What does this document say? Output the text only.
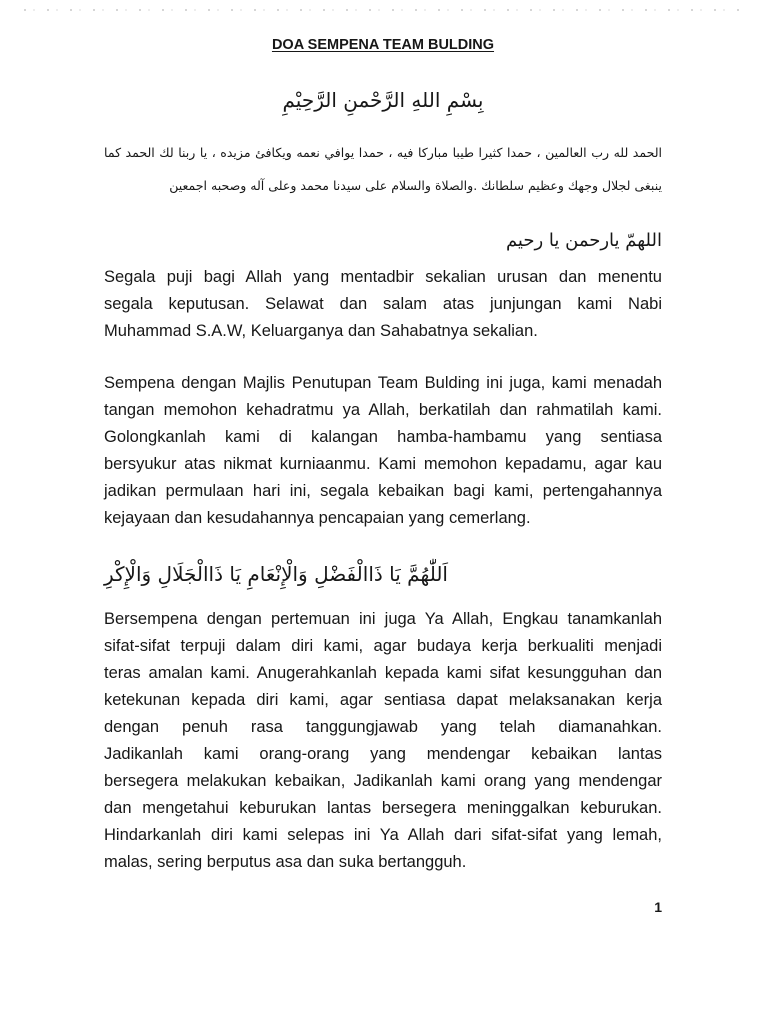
DOA SEMPENA TEAM BULDING
بِسْمِ اللهِ الرَّحْمنِ الرَّحِيْمِ
الحمد لله رب العالمين ، حمدا كثيرا طيبا مباركا فيه ، حمدا يوافي نعمه ويكافئ مزيده ، يا ربنا لك الحمد كما
ينبغى لجلال وجهك وعظيم سلطانك .والصلاة والسلام على سيدنا محمد وعلى آله وصحبه اجمعين
اللهمّ يارحمن يا رحيم
Segala puji bagi Allah yang mentadbir sekalian urusan dan menentu
segala keputusan. Selawat dan salam atas junjungan kami Nabi
Muhammad S.A.W, Keluarganya dan Sahabatnya sekalian.
Sempena dengan Majlis Penutupan Team Bulding ini juga, kami menadah
tangan memohon kehadratmu ya Allah, berkatilah dan rahmatilah kami.
Golongkanlah kami di kalangan hamba-hambamu yang sentiasa
bersyukur atas nikmat kurniaanmu. Kami memohon kepadamu, agar kau
jadikan permulaan hari ini, segala kebaikan bagi kami, pertengahannya
kejayaan dan kesudahannya pencapaian yang cemerlang.
اَللّٰهُمَّ يَا ذَاالْفَضْلِ وَالْإِنْعَامِ يَا ذَاالْجَلَالِ وَالْإِكْرِ
Bersempena dengan pertemuan ini juga Ya Allah, Engkau tanamkanlah
sifat-sifat terpuji dalam diri kami, agar budaya kerja berkualiti menjadi
teras amalan kami. Anugerahkanlah kepada kami sifat kesungguhan dan
ketekunan kepada diri kami, agar sentiasa dapat melaksanakan kerja
dengan penuh rasa tanggungjawab yang telah diamanahkan.
Jadikanlah kami orang-orang yang mendengar kebaikan lantas
bersegera melakukan kebaikan, Jadikanlah kami orang yang mendengar
dan mengetahui keburukan lantas bersegera meninggalkan keburukan.
Hindarkanlah diri kami selepas ini Ya Allah dari sifat-sifat yang lemah,
malas, sering berputus asa dan suka bertangguh.
1
